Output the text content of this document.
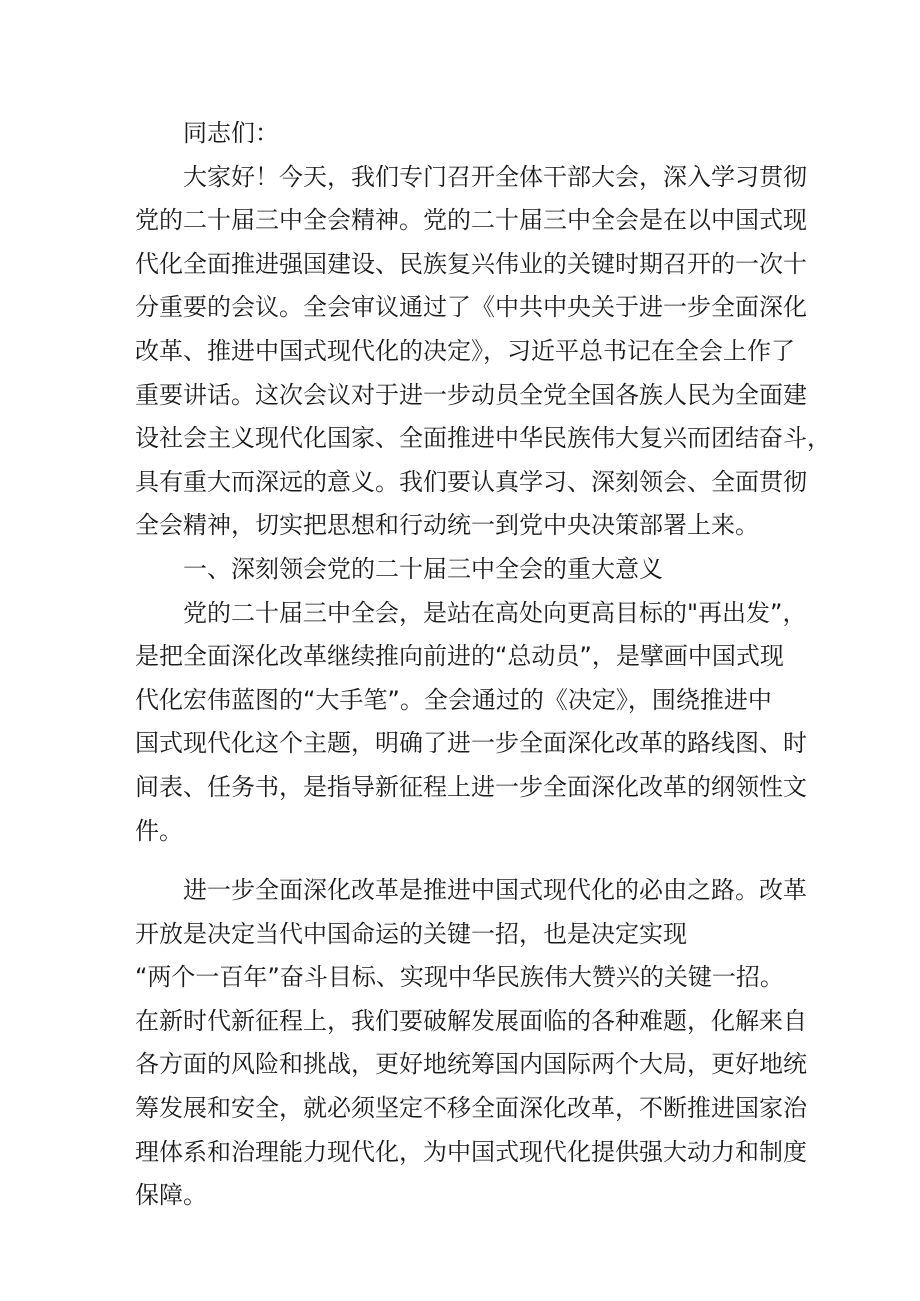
同志们：
大家好！今天，我们专门召开全体干部大会，深入学习贯彻
党的二十届三中全会精神。党的二十届三中全会是在以中国式现
代化全面推进强国建设、民族复兴伟业的关键时期召开的一次十
分重要的会议。全会审议通过了《中共中央关于进一步全面深化
改革、推进中国式现代化的决定》，习近平总书记在全会上作了
重要讲话。这次会议对于进一步动员全党全国各族人民为全面建
设社会主义现代化国家、全面推进中华民族伟大复兴而团结奋斗，
具有重大而深远的意义。我们要认真学习、深刻领会、全面贯彻
全会精神，切实把思想和行动统一到党中央决策部署上来。
一、深刻领会党的二十届三中全会的重大意义
党的二十届三中全会，是站在高处向更高目标的"再出发”，
是把全面深化改革继续推向前进的“总动员”，是擘画中国式现
代化宏伟蓝图的“大手笔”。全会通过的《决定》，围绕推进中
国式现代化这个主题，明确了进一步全面深化改革的路线图、时
间表、任务书，是指导新征程上进一步全面深化改革的纲领性文
件。
进一步全面深化改革是推进中国式现代化的必由之路。改革
开放是决定当代中国命运的关键一招，也是决定实现
“两个一百年”奋斗目标、实现中华民族伟大赞兴的关键一招。
在新时代新征程上，我们要破解发展面临的各种难题，化解来自
各方面的风险和挑战，更好地统筹国内国际两个大局，更好地统
筹发展和安全，就必须坚定不移全面深化改革，不断推进国家治
理体系和治理能力现代化，为中国式现代化提供强大动力和制度
保障。
